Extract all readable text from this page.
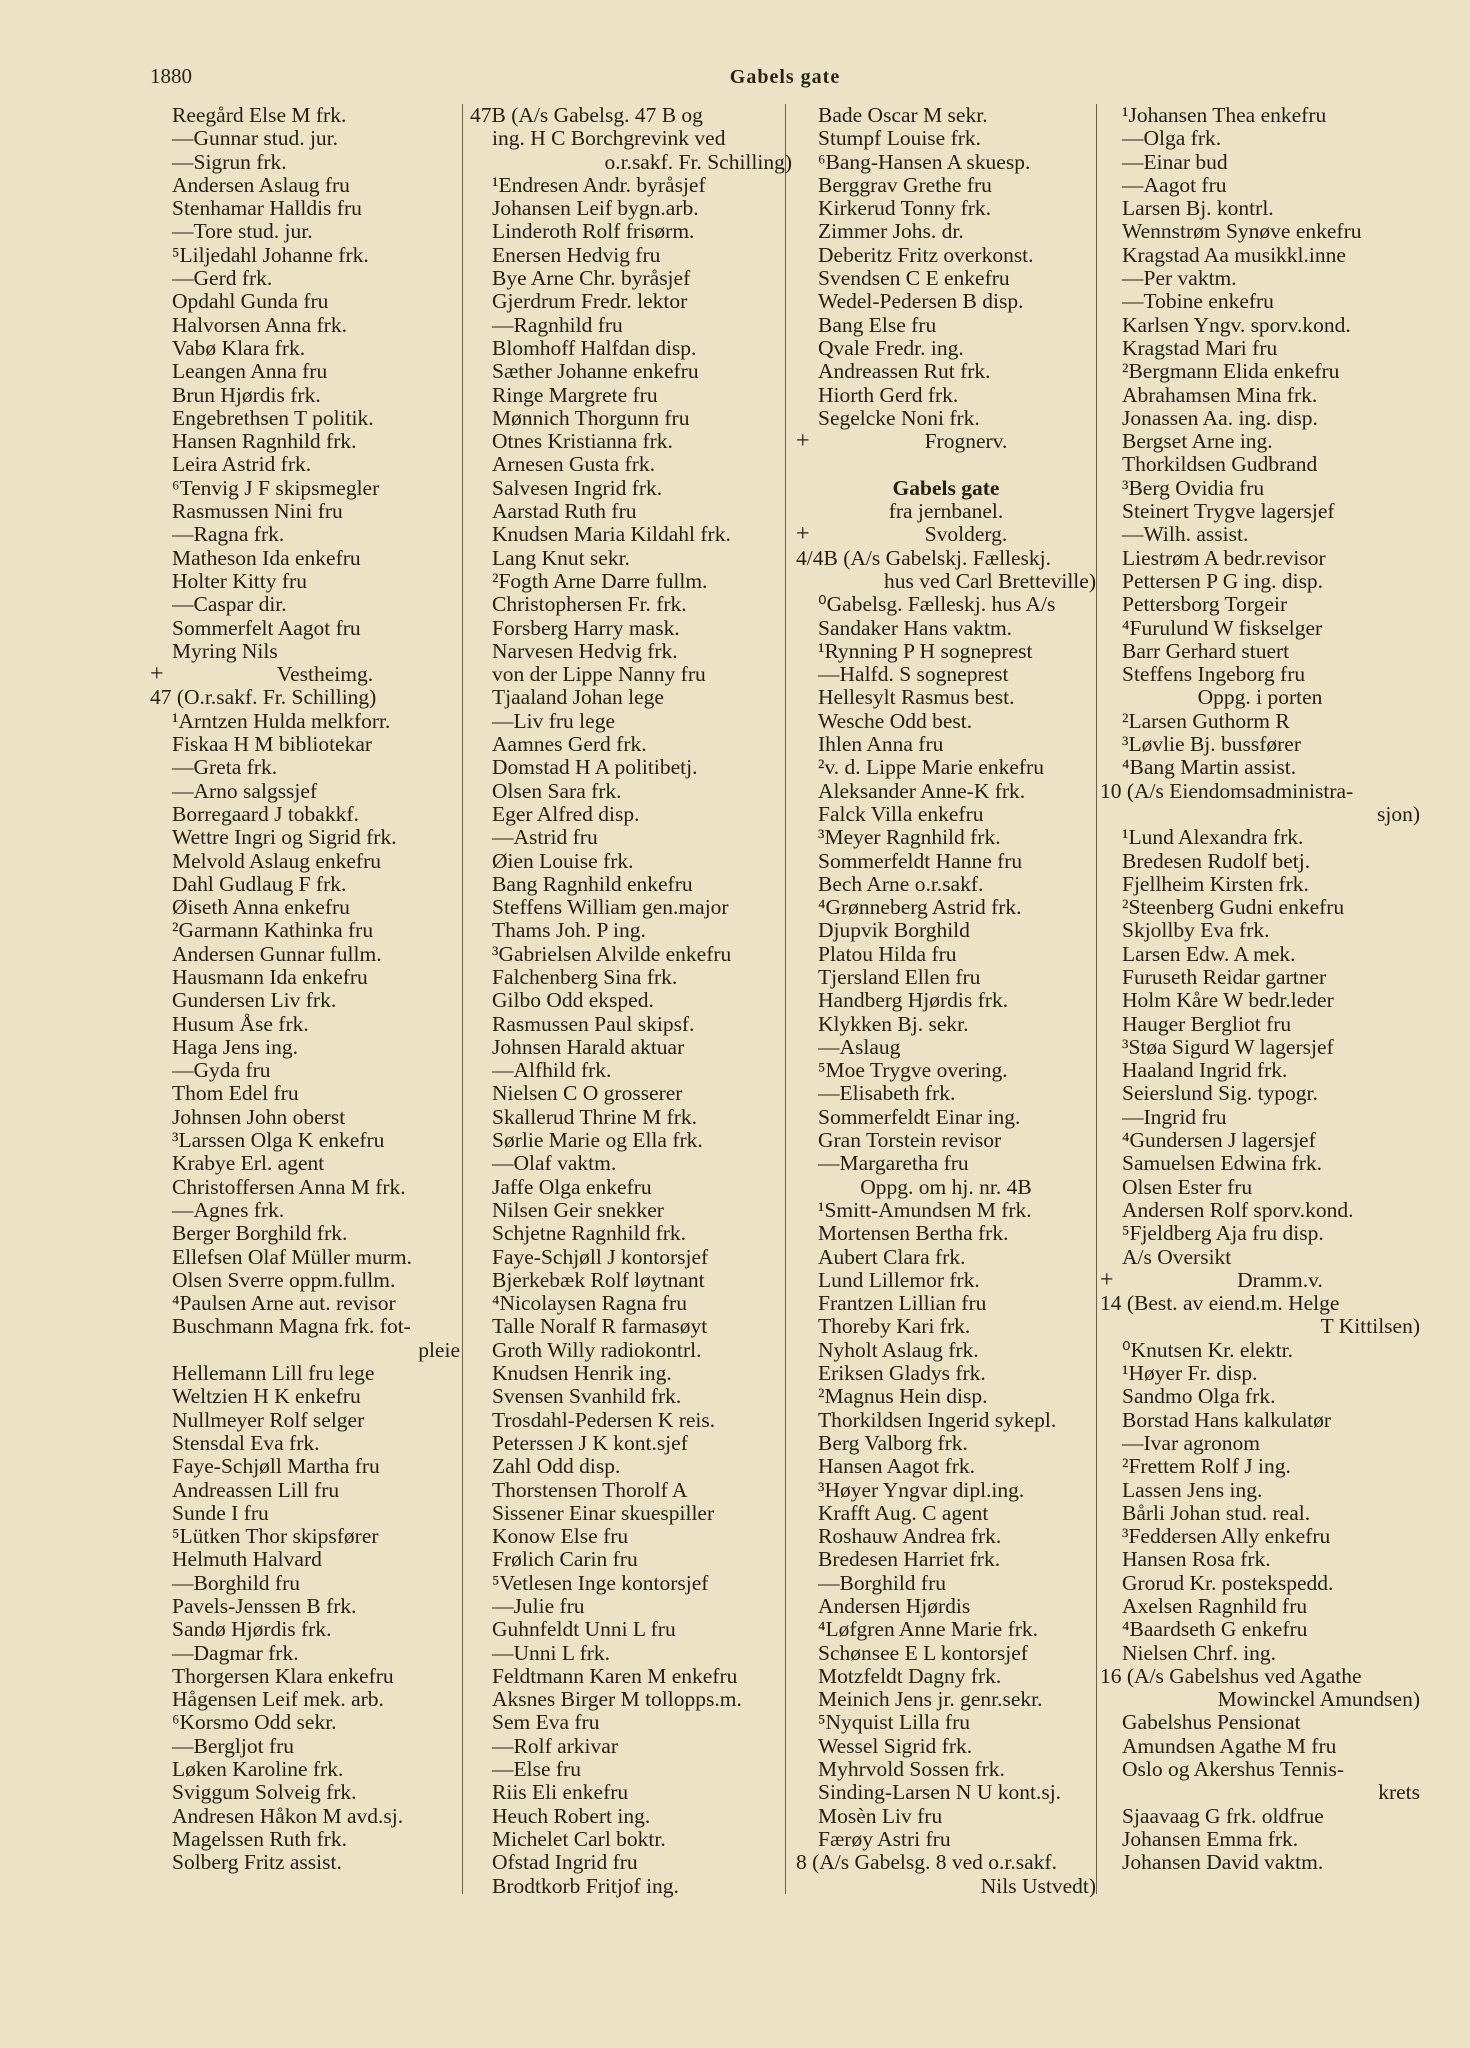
1880	Gabels gate
Reegård Else M frk.
—Gunnar stud. jur.
—Sigrun frk.
Andersen Aslaug fru
Stenhamar Halldis fru
—Tore stud. jur.
⁵Liljedahl Johanne frk.
—Gerd frk.
Opdahl Gunda fru
Halvorsen Anna frk.
Vabø Klara frk.
Leangen Anna fru
Brun Hjørdis frk.
Engebrethsen T politik.
Hansen Ragnhild frk.
Leira Astrid frk.
⁶Tenvig J F skipsmegler
Rasmussen Nini fru
—Ragna frk.
Matheson Ida enkefru
Holter Kitty fru
—Caspar dir.
Sommerfelt Aagot fru
Myring Nils
+	Vestheimg.
47 (O.r.sakf. Fr. Schilling)
¹Arntzen Hulda melkforr.
Fiskaa H M bibliotekar
—Greta frk.
—Arno salgssjef
Borregaard J tobakkf.
Wettre Ingri og Sigrid frk.
Melvold Aslaug enkefru
Dahl Gudlaug F frk.
Øiseth Anna enkefru
²Garmann Kathinka fru
Andersen Gunnar fullm.
Hausmann Ida enkefru
Gundersen Liv frk.
Husum Åse frk.
Haga Jens ing.
—Gyda fru
Thom Edel fru
Johnsen John oberst
³Larssen Olga K enkefru
Krabye Erl. agent
Christoffersen Anna M frk.
—Agnes frk.
Berger Borghild frk.
Ellefsen Olaf Müller murm.
Olsen Sverre oppm.fullm.
⁴Paulsen Arne aut. revisor
Buschmann Magna frk. fot-
pleie
Hellemann Lill fru lege
Weltzien H K enkefru
Nullmeyer Rolf selger
Stensdal Eva frk.
Faye-Schjøll Martha fru
Andreassen Lill fru
Sunde I fru
⁵Lütken Thor skipsfører
Helmuth Halvard
—Borghild fru
Pavels-Jenssen B frk.
Sandø Hjørdis frk.
—Dagmar frk.
Thorgersen Klara enkefru
Hågensen Leif mek. arb.
⁶Korsmo Odd sekr.
—Bergljot fru
Løken Karoline frk.
Sviggum Solveig frk.
Andresen Håkon M avd.sj.
Magelssen Ruth frk.
Solberg Fritz assist.
47B (A/s Gabelsg. 47 B og
ing. H C Borchgrevink ved
o.r.sakf. Fr. Schilling)
¹Endresen Andr. byråsjef
Johansen Leif bygn.arb.
Linderoth Rolf frisørm.
Enersen Hedvig fru
Bye Arne Chr. byråsjef
Gjerdrum Fredr. lektor
—Ragnhild fru
Blomhoff Halfdan disp.
Sæther Johanne enkefru
Ringe Margrete fru
Mønnich Thorgunn fru
Otnes Kristianna frk.
Arnesen Gusta frk.
Salvesen Ingrid frk.
Aarstad Ruth fru
Knudsen Maria Kildahl frk.
Lang Knut sekr.
²Fogth Arne Darre fullm.
Christophersen Fr. frk.
Forsberg Harry mask.
Narvesen Hedvig frk.
von der Lippe Nanny fru
Tjaaland Johan lege
—Liv fru lege
Aamnes Gerd frk.
Domstad H A politibetj.
Olsen Sara frk.
Eger Alfred disp.
—Astrid fru
Øien Louise frk.
Bang Ragnhild enkefru
Steffens William gen.major
Thams Joh. P ing.
³Gabrielsen Alvilde enkefru
Falchenberg Sina frk.
Gilbo Odd eksped.
Rasmussen Paul skipsf.
Johnsen Harald aktuar
—Alfhild frk.
Nielsen C O grosserer
Skallerud Thrine M frk.
Sørlie Marie og Ella frk.
—Olaf vaktm.
Jaffe Olga enkefru
Nilsen Geir snekker
Schjetne Ragnhild frk.
Faye-Schjøll J kontorsjef
Bjerkebæk Rolf løytnant
⁴Nicolaysen Ragna fru
Talle Noralf R farmasøyt
Groth Willy radiokontrl.
Knudsen Henrik ing.
Svensen Svanhild frk.
Trosdahl-Pedersen K reis.
Peterssen J K kont.sjef
Zahl Odd disp.
Thorstensen Thorolf A
Sissener Einar skuespiller
Konow Else fru
Frølich Carin fru
⁵Vetlesen Inge kontorsjef
—Julie fru
Guhnfeldt Unni L fru
—Unni L frk.
Feldtmann Karen M enkefru
Aksnes Birger M tollopps.m.
Sem Eva fru
—Rolf arkivar
—Else fru
Riis Eli enkefru
Heuch Robert ing.
Michelet Carl boktr.
Ofstad Ingrid fru
Brodtkorb Fritjof ing.
Bade Oscar M sekr.
Stumpf Louise frk.
⁶Bang-Hansen A skuesp.
Berggrav Grethe fru
Kirkerud Tonny frk.
Zimmer Johs. dr.
Deberitz Fritz overkonst.
Svendsen C E enkefru
Wedel-Pedersen B disp.
Bang Else fru
Qvale Fredr. ing.
Andreassen Rut frk.
Hiorth Gerd frk.
Segelcke Noni frk.
+	Frognerv.
Gabels gate
fra jernbanel.
+	Svolderg.
4/4B (A/s Gabelskj. Fælleskj.
hus ved Carl Bretteville)
⁰Gabelsg. Fælleskj. hus A/s
Sandaker Hans vaktm.
¹Rynning P H sogneprest
—Halfd. S sogneprest
Hellesylt Rasmus best.
Wesche Odd best.
Ihlen Anna fru
²v. d. Lippe Marie enkefru
Aleksander Anne-K frk.
Falck Villa enkefru
³Meyer Ragnhild frk.
Sommerfeldt Hanne fru
Bech Arne o.r.sakf.
⁴Grønneberg Astrid frk.
Djupvik Borghild
Platou Hilda fru
Tjersland Ellen fru
Handberg Hjørdis frk.
Klykken Bj. sekr.
—Aslaug
⁵Moe Trygve overing.
—Elisabeth frk.
Sommerfeldt Einar ing.
Gran Torstein revisor
—Margaretha fru
Oppg. om hj. nr. 4B
¹Smitt-Amundsen M frk.
Mortensen Bertha frk.
Aubert Clara frk.
Lund Lillemor frk.
Frantzen Lillian fru
Thoreby Kari frk.
Nyholt Aslaug frk.
Eriksen Gladys frk.
²Magnus Hein disp.
Thorkildsen Ingerid sykepl.
Berg Valborg frk.
Hansen Aagot frk.
³Høyer Yngvar dipl.ing.
Krafft Aug. C agent
Roshauw Andrea frk.
Bredesen Harriet frk.
—Borghild fru
Andersen Hjørdis
⁴Løfgren Anne Marie frk.
Schønsee E L kontorsjef
Motzfeldt Dagny frk.
Meinich Jens jr. genr.sekr.
⁵Nyquist Lilla fru
Wessel Sigrid frk.
Myhrvold Sossen frk.
Sinding-Larsen N U kont.sj.
Mosèn Liv fru
Færøy Astri fru
8 (A/s Gabelsg. 8 ved o.r.sakf.
Nils Ustvedt)
¹Johansen Thea enkefru
—Olga frk.
—Einar bud
—Aagot fru
Larsen Bj. kontrl.
Wennstrøm Synøve enkefru
Kragstad Aa musikkl.inne
—Per vaktm.
—Tobine enkefru
Karlsen Yngv. sporv.kond.
Kragstad Mari fru
²Bergmann Elida enkefru
Abrahamsen Mina frk.
Jonassen Aa. ing. disp.
Bergset Arne ing.
Thorkildsen Gudbrand
³Berg Ovidia fru
Steinert Trygve lagersjef
—Wilh. assist.
Liestrøm A bedr.revisor
Pettersen P G ing. disp.
Pettersborg Torgeir
⁴Furulund W fiskselger
Barr Gerhard stuert
Steffens Ingeborg fru
Oppg. i porten
²Larsen Guthorm R
³Løvlie Bj. bussfører
⁴Bang Martin assist.
10 (A/s Eiendomsadministra-
sjon)
¹Lund Alexandra frk.
Bredesen Rudolf betj.
Fjellheim Kirsten frk.
²Steenberg Gudni enkefru
Skjollby Eva frk.
Larsen Edw. A mek.
Furuseth Reidar gartner
Holm Kåre W bedr.leder
Hauger Bergliot fru
³Støa Sigurd W lagersjef
Haaland Ingrid frk.
Seierslund Sig. typogr.
—Ingrid fru
⁴Gundersen J lagersjef
Samuelsen Edwina frk.
Olsen Ester fru
Andersen Rolf sporv.kond.
⁵Fjeldberg Aja fru disp.
A/s Oversikt
+	Dramm.v.
14 (Best. av eiend.m. Helge
T Kittilsen)
⁰Knutsen Kr. elektr.
¹Høyer Fr. disp.
Sandmo Olga frk.
Borstad Hans kalkulatør
—Ivar agronom
²Frettem Rolf J ing.
Lassen Jens ing.
Bårli Johan stud. real.
³Feddersen Ally enkefru
Hansen Rosa frk.
Grorud Kr. postekspedd.
Axelsen Ragnhild fru
⁴Baardseth G enkefru
Nielsen Chrf. ing.
16 (A/s Gabelshus ved Agathe
Mowinckel Amundsen)
Gabelshus Pensionat
Amundsen Agathe M fru
Oslo og Akershus Tennis-
krets
Sjaavaag G frk. oldfrue
Johansen Emma frk.
Johansen David vaktm.
